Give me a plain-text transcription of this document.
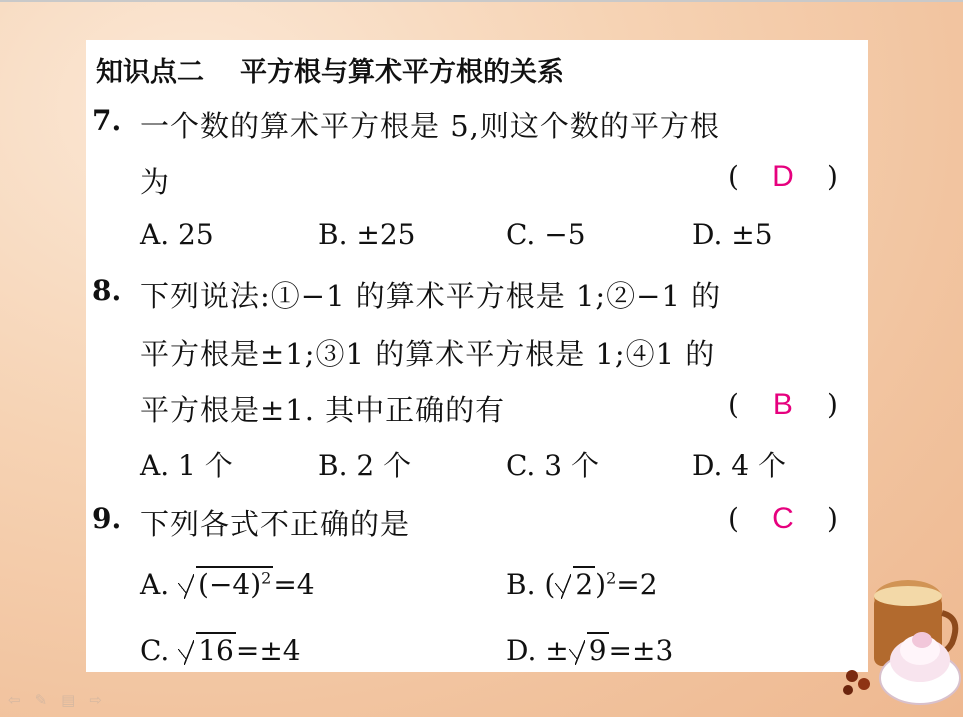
知识点二 平方根与算术平方根的关系
7. 一个数的算术平方根是 5,则这个数的平方根
为	( D )
A. 25	B. ±25	C. −5	D. ±5
8. 下列说法:①−1 的算术平方根是 1;②−1 的
平方根是±1;③1 的算术平方根是 1;④1 的
平方根是±1. 其中正确的有	( B )
A. 1 个	B. 2 个	C. 3 个	D. 4 个
9. 下列各式不正确的是	( C )
A. $(-4)^2=4$	B. ( 2)$^2$=2
C. 16=±4	D. ± 9=±3
⇦ ✎ ▤ ⇨
